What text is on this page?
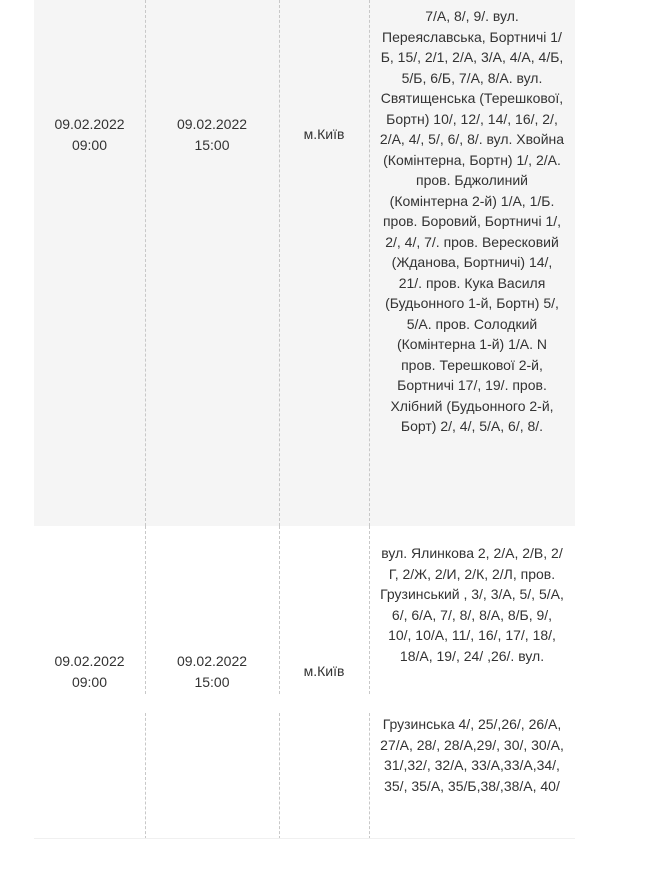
09.02.2022
09:00
09.02.2022
15:00
м.Київ
7/А, 8/, 9/. вул. Переяславська, Бортничі 1/Б, 15/, 2/1, 2/А, 3/А, 4/А, 4/Б, 5/Б, 6/Б, 7/А, 8/А. вул. Святищенська (Терешкової, Бортн) 10/, 12/, 14/, 16/, 2/, 2/А, 4/, 5/, 6/, 8/. вул. Хвойна (Комінтерна, Бортн) 1/, 2/А. пров. Бджолиний (Комінтерна 2-й) 1/А, 1/Б. пров. Боровий, Бортничі 1/, 2/, 4/, 7/. пров. Вересковий (Жданова, Бортничі) 14/, 21/. пров. Кука Василя (Будьонного 1-й, Бортн) 5/, 5/А. пров. Солодкий (Комінтерна 1-й) 1/А. N пров. Терешкової 2-й, Бортничі 17/, 19/. пров. Хлібний (Будьонного 2-й, Борт) 2/, 4/, 5/А, 6/, 8/.
09.02.2022
09:00
09.02.2022
15:00
м.Київ
вул. Ялинкова 2, 2/А, 2/В, 2/Г, 2/Ж, 2/И, 2/К, 2/Л, пров. Грузинський , 3/, 3/А, 5/, 5/А, 6/, 6/А, 7/, 8/, 8/А, 8/Б, 9/, 10/, 10/А, 11/, 16/, 17/, 18/, 18/А, 19/, 24/ ,26/. вул.
Грузинська 4/, 25/,26/, 26/А, 27/А, 28/, 28/А,29/, 30/, 30/А, 31/,32/, 32/А, 33/А,33/А,34/, 35/, 35/А, 35/Б,38/,38/А, 40/
